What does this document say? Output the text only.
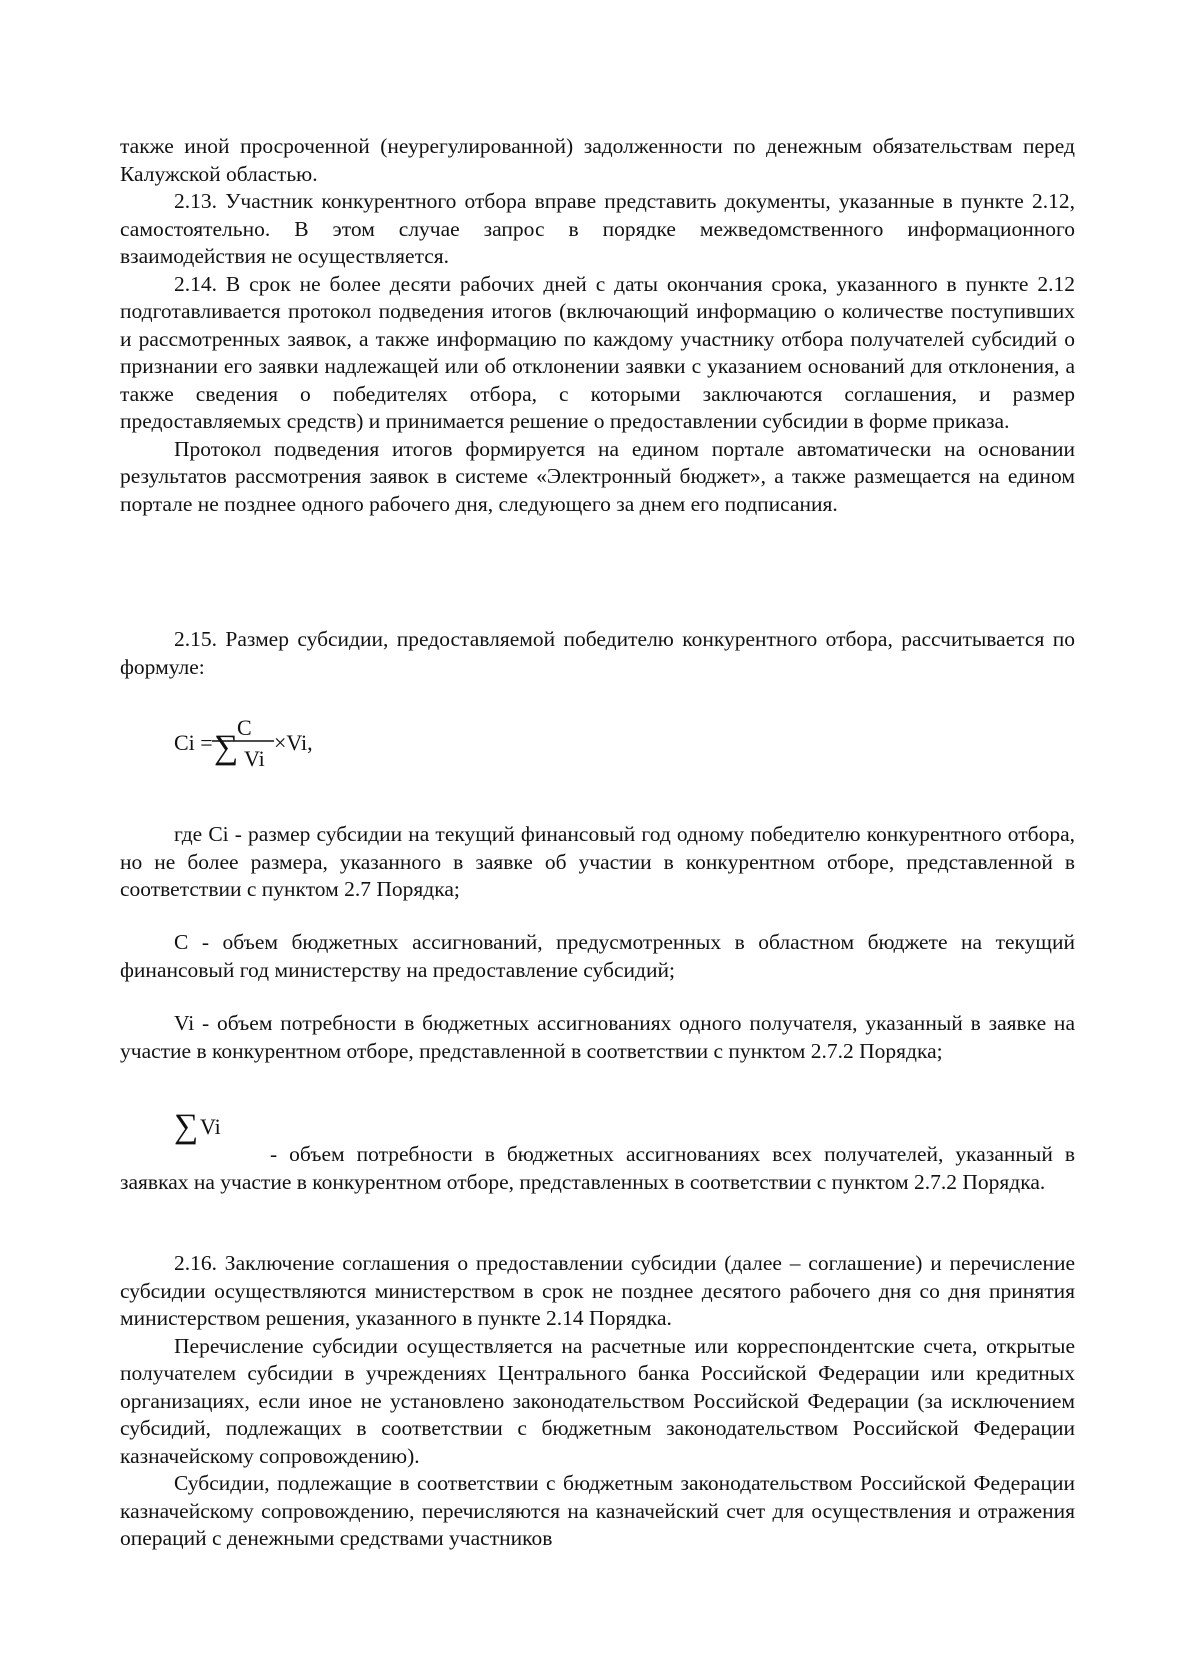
также иной просроченной (неурегулированной) задолженности по денежным обязательствам перед Калужской областью.

2.13. Участник конкурентного отбора вправе представить документы, указанные в пункте 2.12, самостоятельно. В этом случае запрос в порядке межведомственного информационного взаимодействия не осуществляется.

2.14. В срок не более десяти рабочих дней с даты окончания срока, указанного в пункте 2.12 подготавливается протокол подведения итогов (включающий информацию о количестве поступивших и рассмотренных заявок, а также информацию по каждому участнику отбора получателей субсидий о признании его заявки надлежащей или об отклонении заявки с указанием оснований для отклонения, а также сведения о победителях отбора, с которыми заключаются соглашения, и размер предоставляемых средств) и принимается решение о предоставлении субсидии в форме приказа.

Протокол подведения итогов формируется на едином портале автоматически на основании результатов рассмотрения заявок в системе «Электронный бюджет», а также размещается на едином портале не позднее одного рабочего дня, следующего за днем его подписания.

2.15. Размер субсидии, предоставляемой победителю конкурентного отбора, рассчитывается по формуле:

Ci =
C
∑ Vi
×Vi,

где Ci - размер субсидии на текущий финансовый год одному победителю конкурентного отбора, но не более размера, указанного в заявке об участии в конкурентном отборе, представленной в соответствии с пунктом 2.7 Порядка;

С - объем бюджетных ассигнований, предусмотренных в областном бюджете на текущий финансовый год министерству на предоставление субсидий;

Vi - объем потребности в бюджетных ассигнованиях одного получателя, указанный в заявке на участие в конкурентном отборе, представленной в соответствии с пунктом 2.7.2 Порядка;

∑ Vi

- объем потребности в бюджетных ассигнованиях всех получателей, указанный в заявках на участие в конкурентном отборе, представленных в соответствии с пунктом 2.7.2 Порядка.

2.16. Заключение соглашения о предоставлении субсидии (далее – соглашение) и перечисление субсидии осуществляются министерством в срок не позднее десятого рабочего дня со дня принятия министерством решения, указанного в пункте 2.14 Порядка.

Перечисление субсидии осуществляется на расчетные или корреспондентские счета, открытые получателем субсидии в учреждениях Центрального банка Российской Федерации или кредитных организациях, если иное не установлено законодательством Российской Федерации (за исключением субсидий, подлежащих в соответствии с бюджетным законодательством Российской Федерации казначейскому сопровождению).

Субсидии, подлежащие в соответствии с бюджетным законодательством Российской Федерации казначейскому сопровождению, перечисляются на казначейский счет для осуществления и отражения операций с денежными средствами участников
